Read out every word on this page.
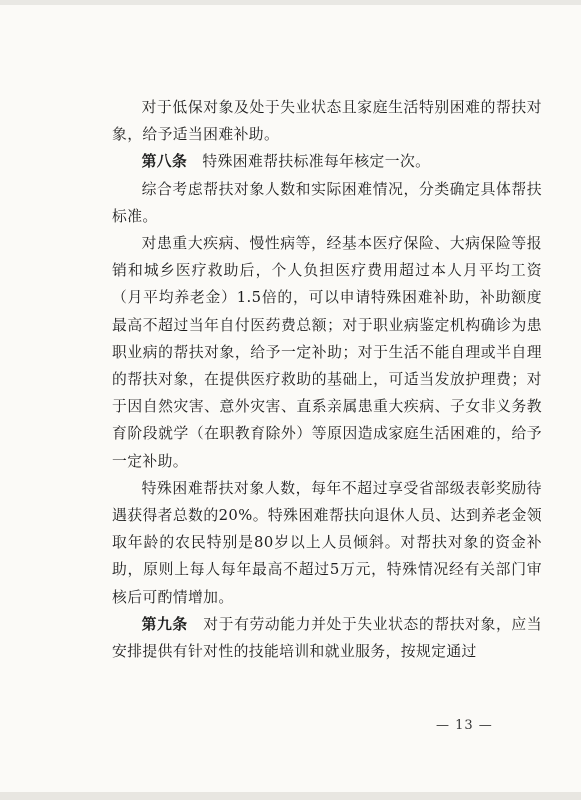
对于低保对象及处于失业状态且家庭生活特别困难的帮扶对象，给予适当困难补助。

第八条　 特殊困难帮扶标准每年核定一次。

综合考虑帮扶对象人数和实际困难情况，分类确定具体帮扶标准。

对患重大疾病、慢性病等，经基本医疗保险、大病保险等报销和城乡医疗救助后，个人负担医疗费用超过本人月平均工资（月平均养老金）1.5倍的，可以申请特殊困难补助，补助额度最高不超过当年自付医药费总额；对于职业病鉴定机构确诊为患职业病的帮扶对象，给予一定补助；对于生活不能自理或半自理的帮扶对象，在提供医疗救助的基础上，可适当发放护理费；对于因自然灾害、意外灾害、直系亲属患重大疾病、子女非义务教育阶段就学（在职教育除外）等原因造成家庭生活困难的，给予一定补助。

特殊困难帮扶对象人数，每年不超过享受省部级表彰奖励待遇获得者总数的20%。特殊困难帮扶向退休人员、达到养老金领取年龄的农民特别是80岁以上人员倾斜。对帮扶对象的资金补助，原则上每人每年最高不超过5万元，特殊情况经有关部门审核后可酌情增加。

第九条　 对于有劳动能力并处于失业状态的帮扶对象，应当安排提供有针对性的技能培训和就业服务，按规定通过

— 13 —
